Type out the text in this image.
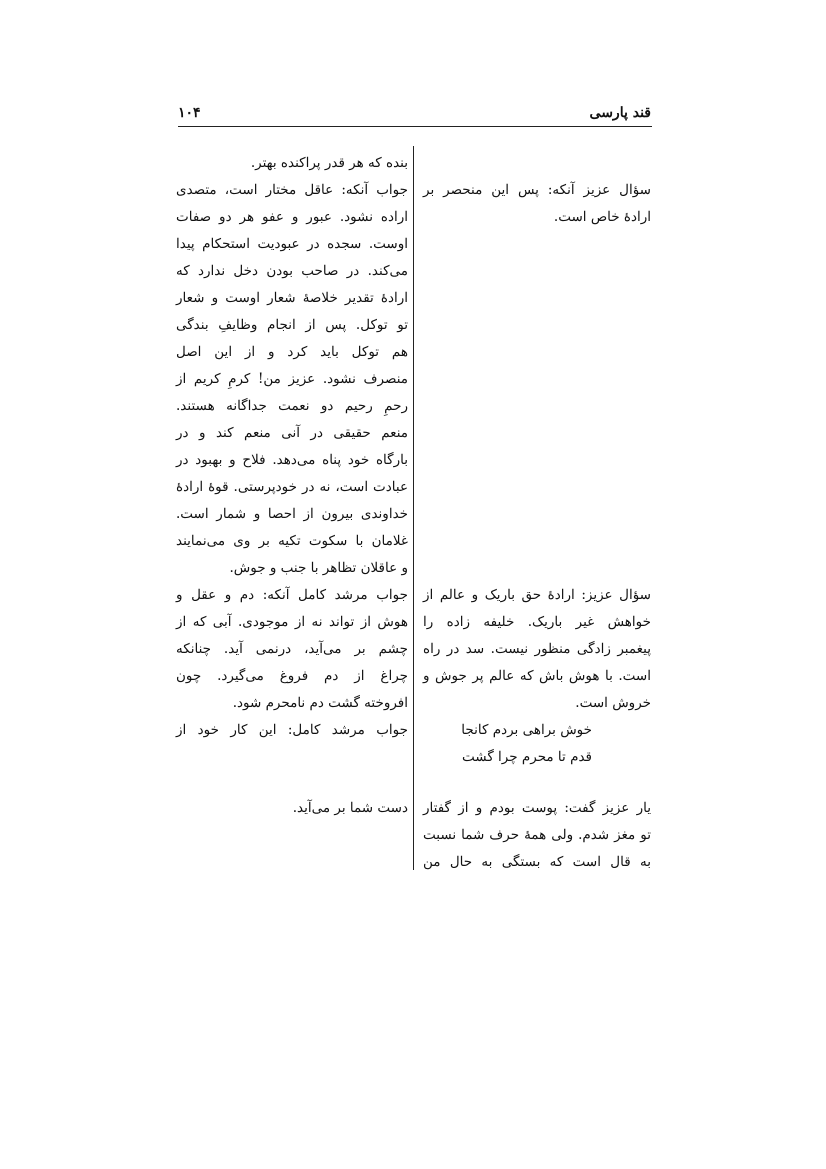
قند پارسی
۱۰۴
سؤال عزیز آنکه: پس این منحصر بر
ارادهٔ خاص است.
سؤال عزیز: ارادهٔ حق باریک و عالم از
خواهش غیر باریک. خلیفه زاده را
پیغمبر زادگی منظور نیست. سد در راه
است. با هوش باش که عالم پر جوش و
خروش است.
یار عزیز گفت: پوست بودم و از گفتار
تو مغز شدم. ولی همهٔ حرف شما نسبت
به قال است که بستگی به حال من
بنده که هر قدر پراکنده بهتر.
جواب آنکه: عاقل مختار است، متصدی
اراده نشود. عبور و عفو هر دو صفات
اوست. سجده در عبودیت استحکام پیدا
می‌کند. در صاحب بودن دخل ندارد که
ارادهٔ تقدیر خلاصهٔ شعار اوست و شعار
تو توکل. پس از انجام وظایفِ بندگی
هم توکل باید کرد و از این اصل
منصرف نشود. عزیز من! کرمِ کریم از
رحمِ رحیم دو نعمت جداگانه هستند.
منعم حقیقی در آنی منعم کند و در
بارگاه خود پناه می‌دهد. فلاح و بهبود در
عبادت است، نه در خودپرستی. قوهٔ ارادهٔ
خداوندی بیرون از احصا و شمار است.
غلامان با سکوت تکیه بر وی می‌نمایند
و عاقلان تظاهر با جنب و جوش.
جواب مرشد کامل آنکه: دم و عقل و
هوش از تواند نه از موجودی. آبی که از
چشم بر می‌آید، درنمی آید. چنانکه
چراغ از دم فروغ می‌گیرد. چون
افروخته گشت دم نامحرم شود.
جواب مرشد کامل: این کار خود از
دست شما بر می‌آید.
خوش براهی بردم کانجا
قدم تا محرم چرا گشت
